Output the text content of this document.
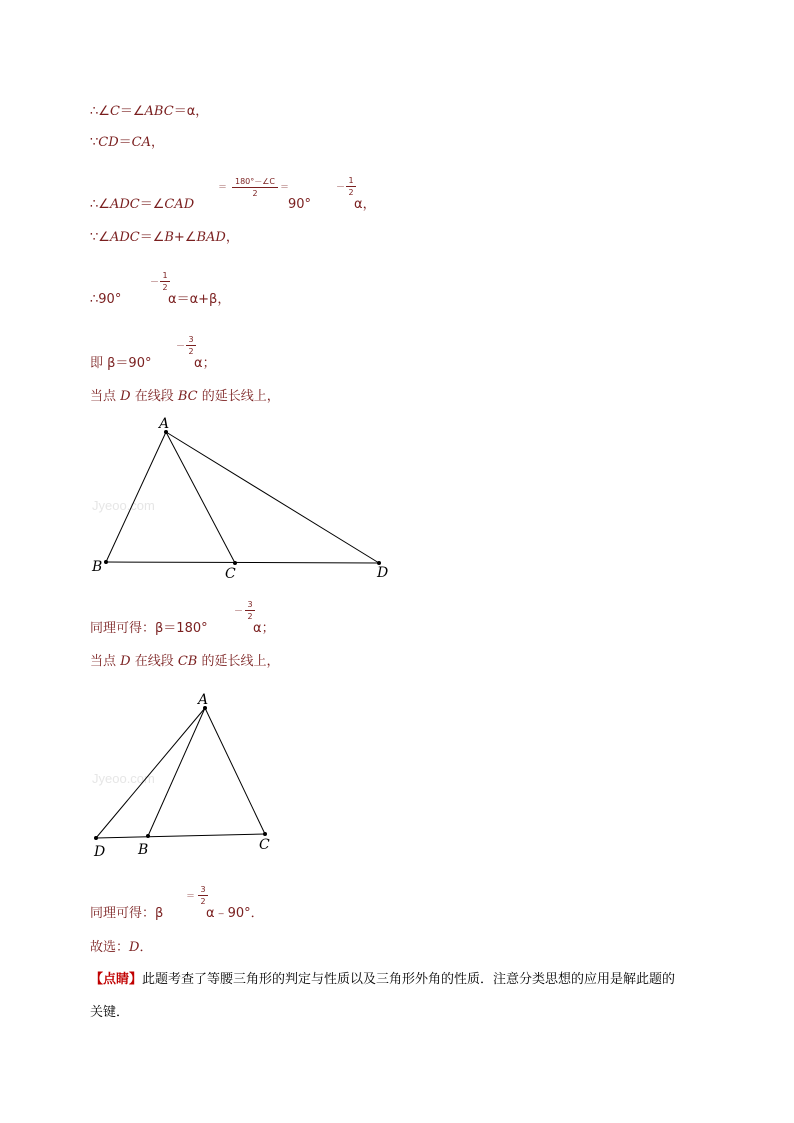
∴∠C＝∠ABC＝α，
∵CD＝CA，
∴∠ADC＝∠CAD
＝
180°－∠C
2
＝
90°
－
1
2
α，
∵∠ADC＝∠B+∠BAD，
∴90°
－
1
2
α＝α+β，
即 β＝90°
－
3
2
α；
当点 D 在线段 BC 的延长线上，
Jyeoo.com
A
B	C	D
同理可得：β＝180°
－
3
2
α；
当点 D 在线段 CB 的延长线上，
Jyeoo.com
A
D B	C
同理可得：β
＝
3
2
α﹣90°．
故选：D．
【点睛】此题考查了等腰三角形的判定与性质以及三角形外角的性质．注意分类思想的应用是解此题的
关键．
